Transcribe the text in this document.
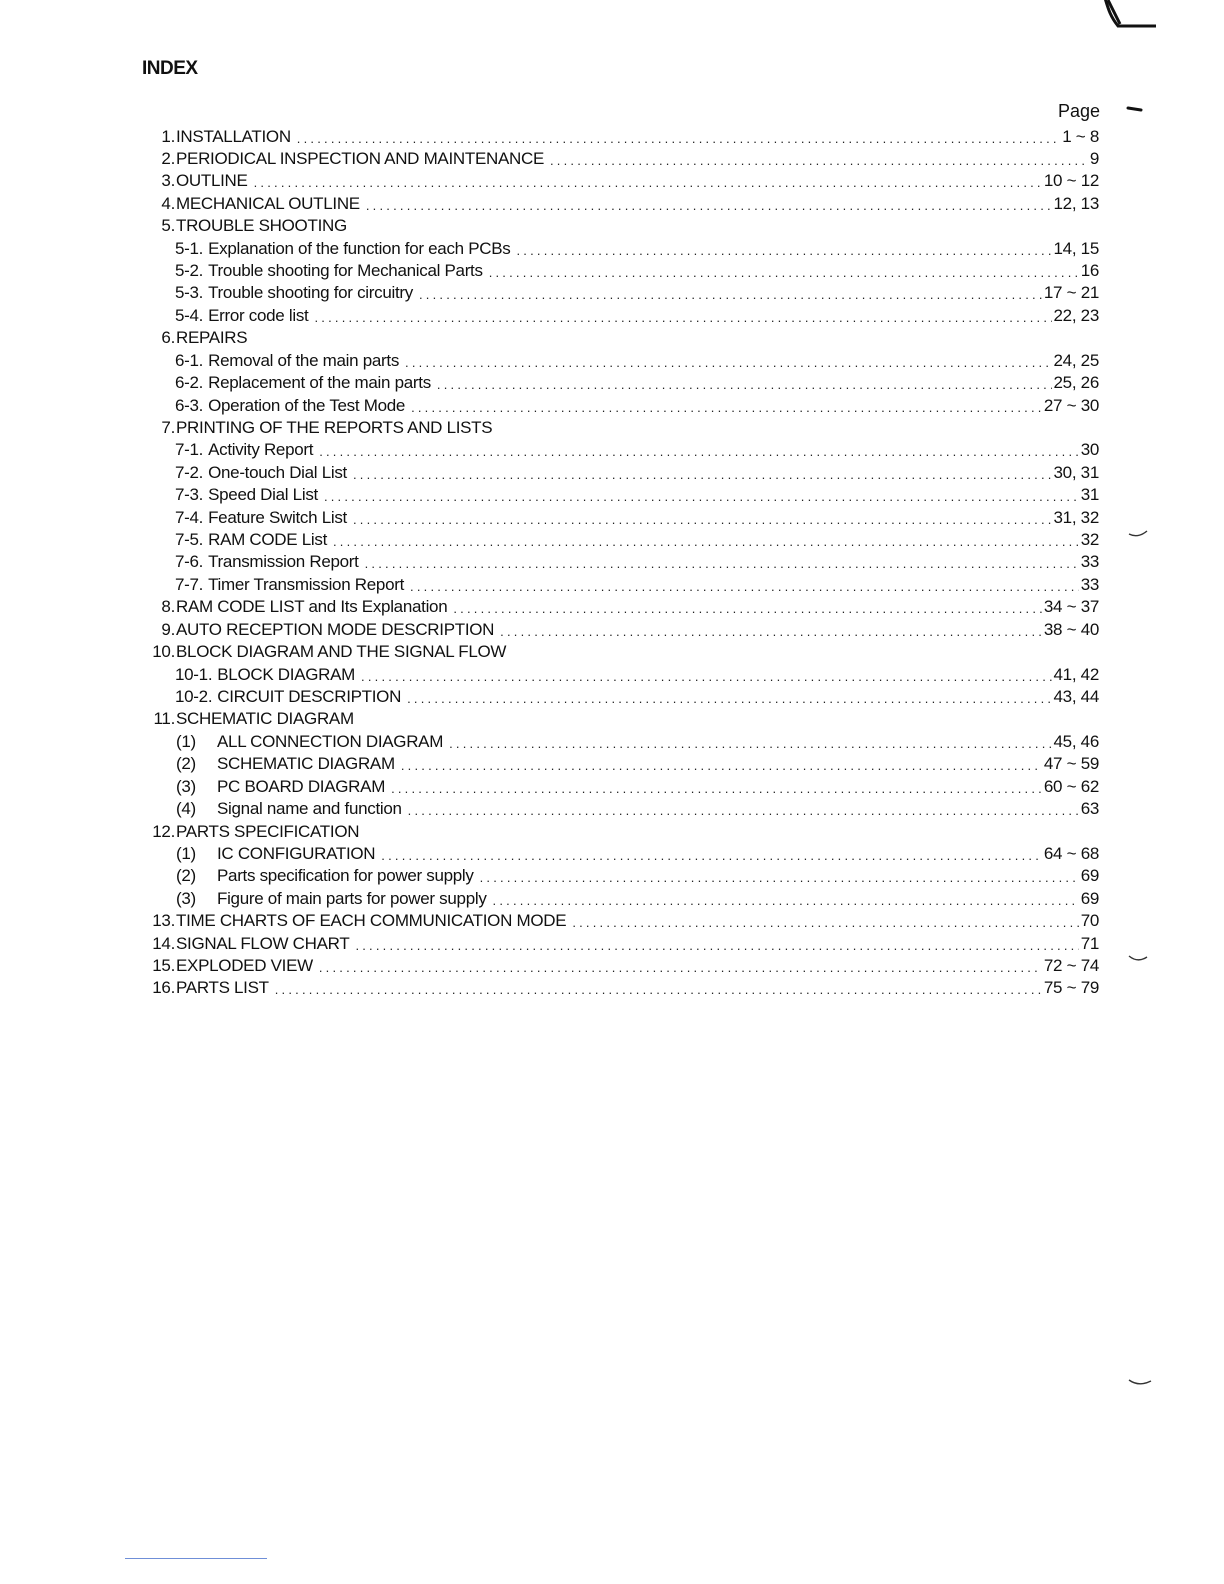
INDEX
Page
1. INSTALLATION .....	1 ~ 8
2. PERIODICAL INSPECTION AND MAINTENANCE .....	9
3. OUTLINE .....	10 ~ 12
4. MECHANICAL OUTLINE .....	12, 13
5. TROUBLE SHOOTING
5-1. Explanation of the function for each PCBs .....	14, 15
5-2. Trouble shooting for Mechanical Parts .....	16
5-3. Trouble shooting for circuitry .....	17 ~ 21
5-4. Error code list .....	22, 23
6. REPAIRS
6-1. Removal of the main parts .....	24, 25
6-2. Replacement of the main parts .....	25, 26
6-3. Operation of the Test Mode .....	27 ~ 30
7. PRINTING OF THE REPORTS AND LISTS
7-1. Activity Report .....	30
7-2. One-touch Dial List .....	30, 31
7-3. Speed Dial List .....	31
7-4. Feature Switch List .....	31, 32
7-5. RAM CODE List .....	32
7-6. Transmission Report .....	33
7-7. Timer Transmission Report .....	33
8. RAM CODE LIST and Its Explanation .....	34 ~ 37
9. AUTO RECEPTION MODE DESCRIPTION .....	38 ~ 40
10. BLOCK DIAGRAM AND THE SIGNAL FLOW
10-1. BLOCK DIAGRAM .....	41, 42
10-2. CIRCUIT DESCRIPTION .....	43, 44
11. SCHEMATIC DIAGRAM
(1)	ALL CONNECTION DIAGRAM .....	45, 46
(2)	SCHEMATIC DIAGRAM .....	47 ~ 59
(3)	PC BOARD DIAGRAM .....	60 ~ 62
(4)	Signal name and function .....	63
12. PARTS SPECIFICATION
(1)	IC CONFIGURATION .....	64 ~ 68
(2)	Parts specification for power supply .....	69
(3)	Figure of main parts for power supply .....	69
13. TIME CHARTS OF EACH COMMUNICATION MODE .....	70
14. SIGNAL FLOW CHART .....	71
15. EXPLODED VIEW .....	72 ~ 74
16. PARTS LIST .....	75 ~ 79
